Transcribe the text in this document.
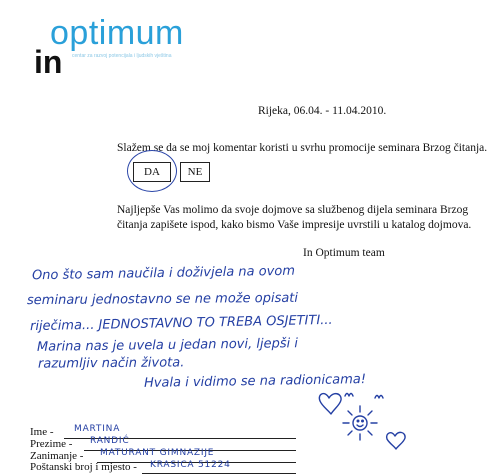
optimum
in centar za razvoj potencijala i ljudskih vještina
Rijeka, 06.04. - 11.04.2010.
Slažem se da se moj komentar koristi u svrhu promocije seminara Brzog čitanja.
DA	NE
Najljepše Vas molimo da svoje dojmove sa službenog dijela seminara Brzog
čitanja zapišete ispod, kako bismo Vaše impresije uvrstili u katalog dojmova.
In Optimum team
Ono što sam naučila i doživjela na ovom
seminaru jednostavno se ne može opisati
riječima... JEDNOSTAVNO TO TREBA OSJETITI...
Marina nas je uvela u jedan novi, ljepši i
razumljiv način života.
Hvala i vidimo se na radionicama!
Ime - MARTINA
Prezime - RANDIĆ
Zanimanje - MATURANT GIMNAZIJE
Poštanski broj i mjesto - KRASICA 51224
